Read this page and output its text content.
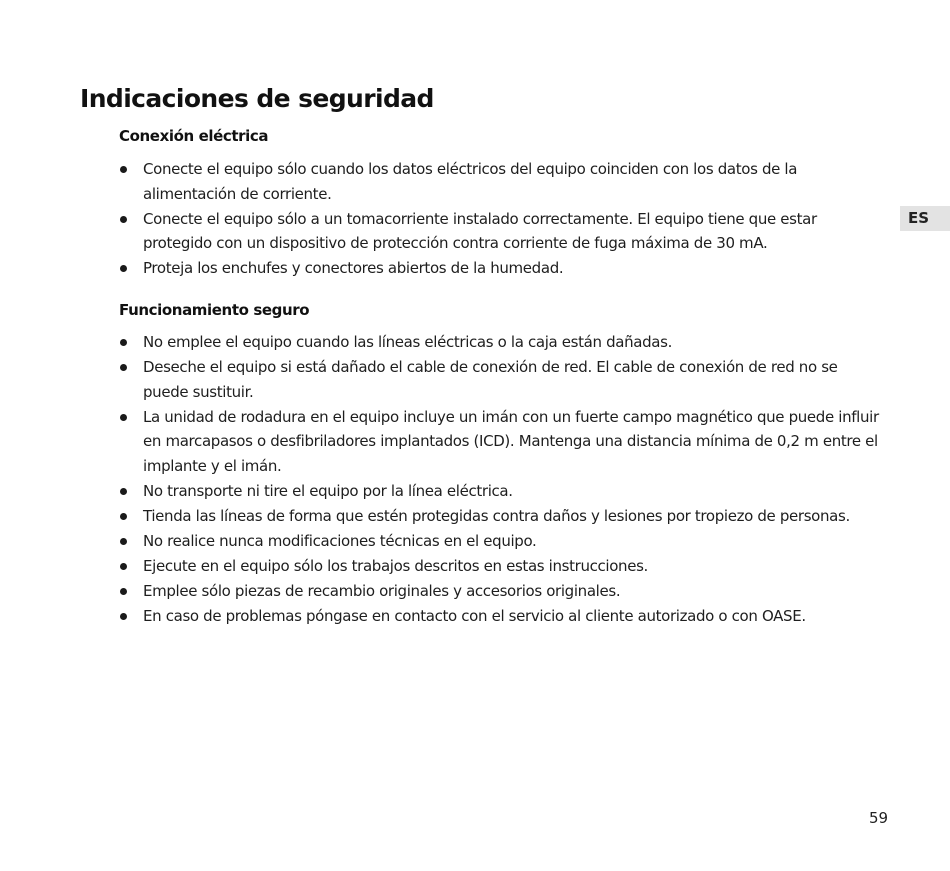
Indicaciones de seguridad
Conexión eléctrica
Conecte el equipo sólo cuando los datos eléctricos del equipo coinciden con los datos de la alimentación de corriente.
Conecte el equipo sólo a un tomacorriente instalado correctamente. El equipo tiene que estar protegido con un dispositivo de protección contra corriente de fuga máxima de 30 mA.
Proteja los enchufes y conectores abiertos de la humedad.
Funcionamiento seguro
No emplee el equipo cuando las líneas eléctricas o la caja están dañadas.
Deseche el equipo si está dañado el cable de conexión de red. El cable de conexión de red no se puede sustituir.
La unidad de rodadura en el equipo incluye un imán con un fuerte campo magnético que puede influir en marcapasos o desfibriladores implantados (ICD). Mantenga una distancia mínima de 0,2 m entre el implante y el imán.
No transporte ni tire el equipo por la línea eléctrica.
Tienda las líneas de forma que estén protegidas contra daños y lesiones por tropiezo de personas.
No realice nunca modificaciones técnicas en el equipo.
Ejecute en el equipo sólo los trabajos descritos en estas instrucciones.
Emplee sólo piezas de recambio originales y accesorios originales.
En caso de problemas póngase en contacto con el servicio al cliente autorizado o con OASE.
ES
59
